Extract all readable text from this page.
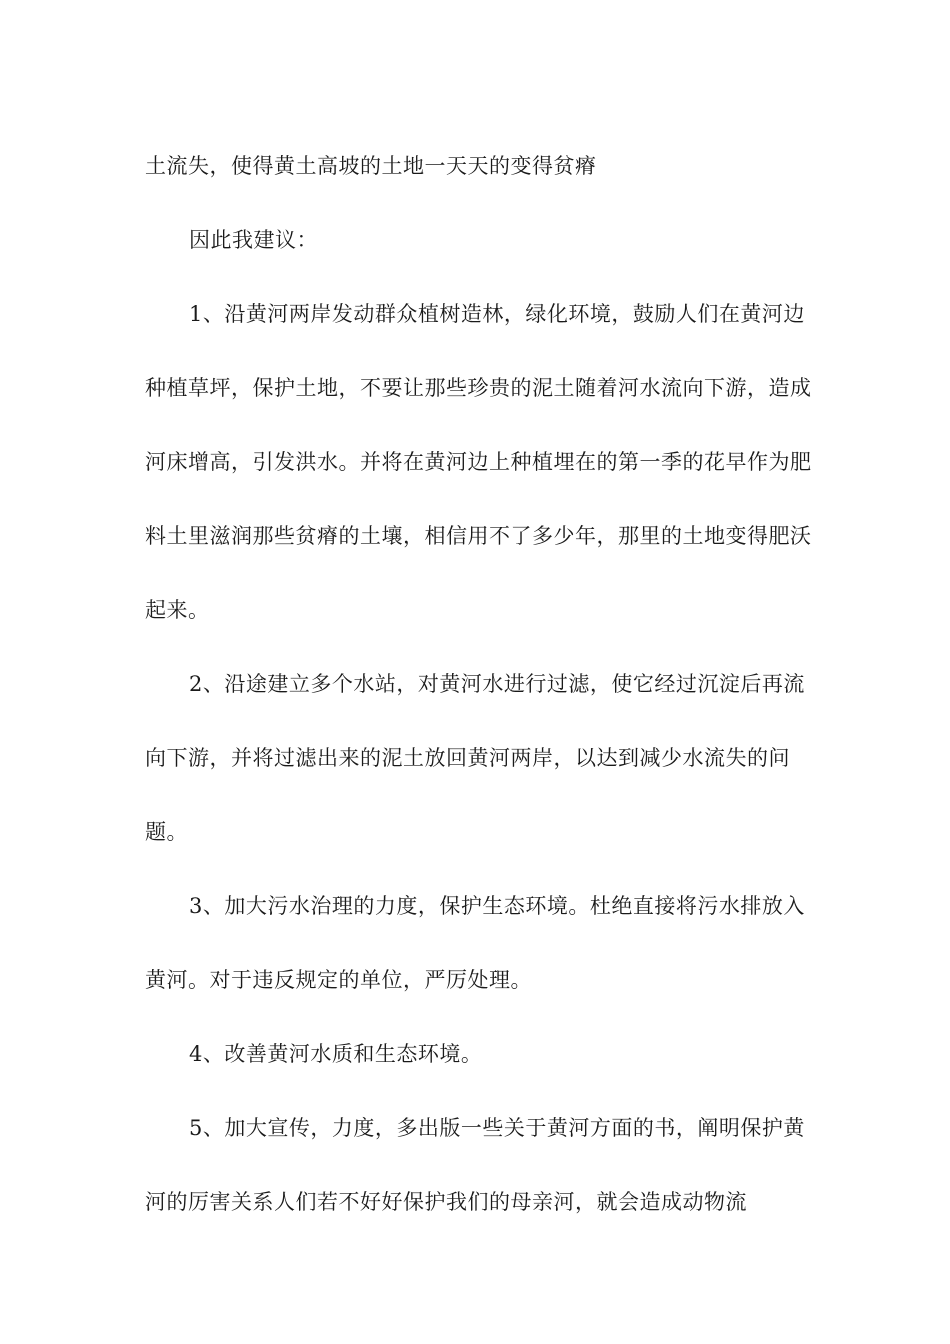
土流失，使得黄土高坡的土地一天天的变得贫瘠

因此我建议：

1、沿黄河两岸发动群众植树造林，绿化环境，鼓励人们在黄河边种植草坪，保护土地，不要让那些珍贵的泥土随着河水流向下游，造成河床增高，引发洪水。并将在黄河边上种植埋在的第一季的花早作为肥料土里滋润那些贫瘠的土壤，相信用不了多少年，那里的土地变得肥沃起来。

2、沿途建立多个水站，对黄河水进行过滤，使它经过沉淀后再流向下游，并将过滤出来的泥土放回黄河两岸，以达到减少水流失的问题。

3、加大污水治理的力度，保护生态环境。杜绝直接将污水排放入黄河。对于违反规定的单位，严厉处理。

4、改善黄河水质和生态环境。

5、加大宣传，力度，多出版一些关于黄河方面的书，阐明保护黄河的厉害关系人们若不好好保护我们的母亲河，就会造成动物流
